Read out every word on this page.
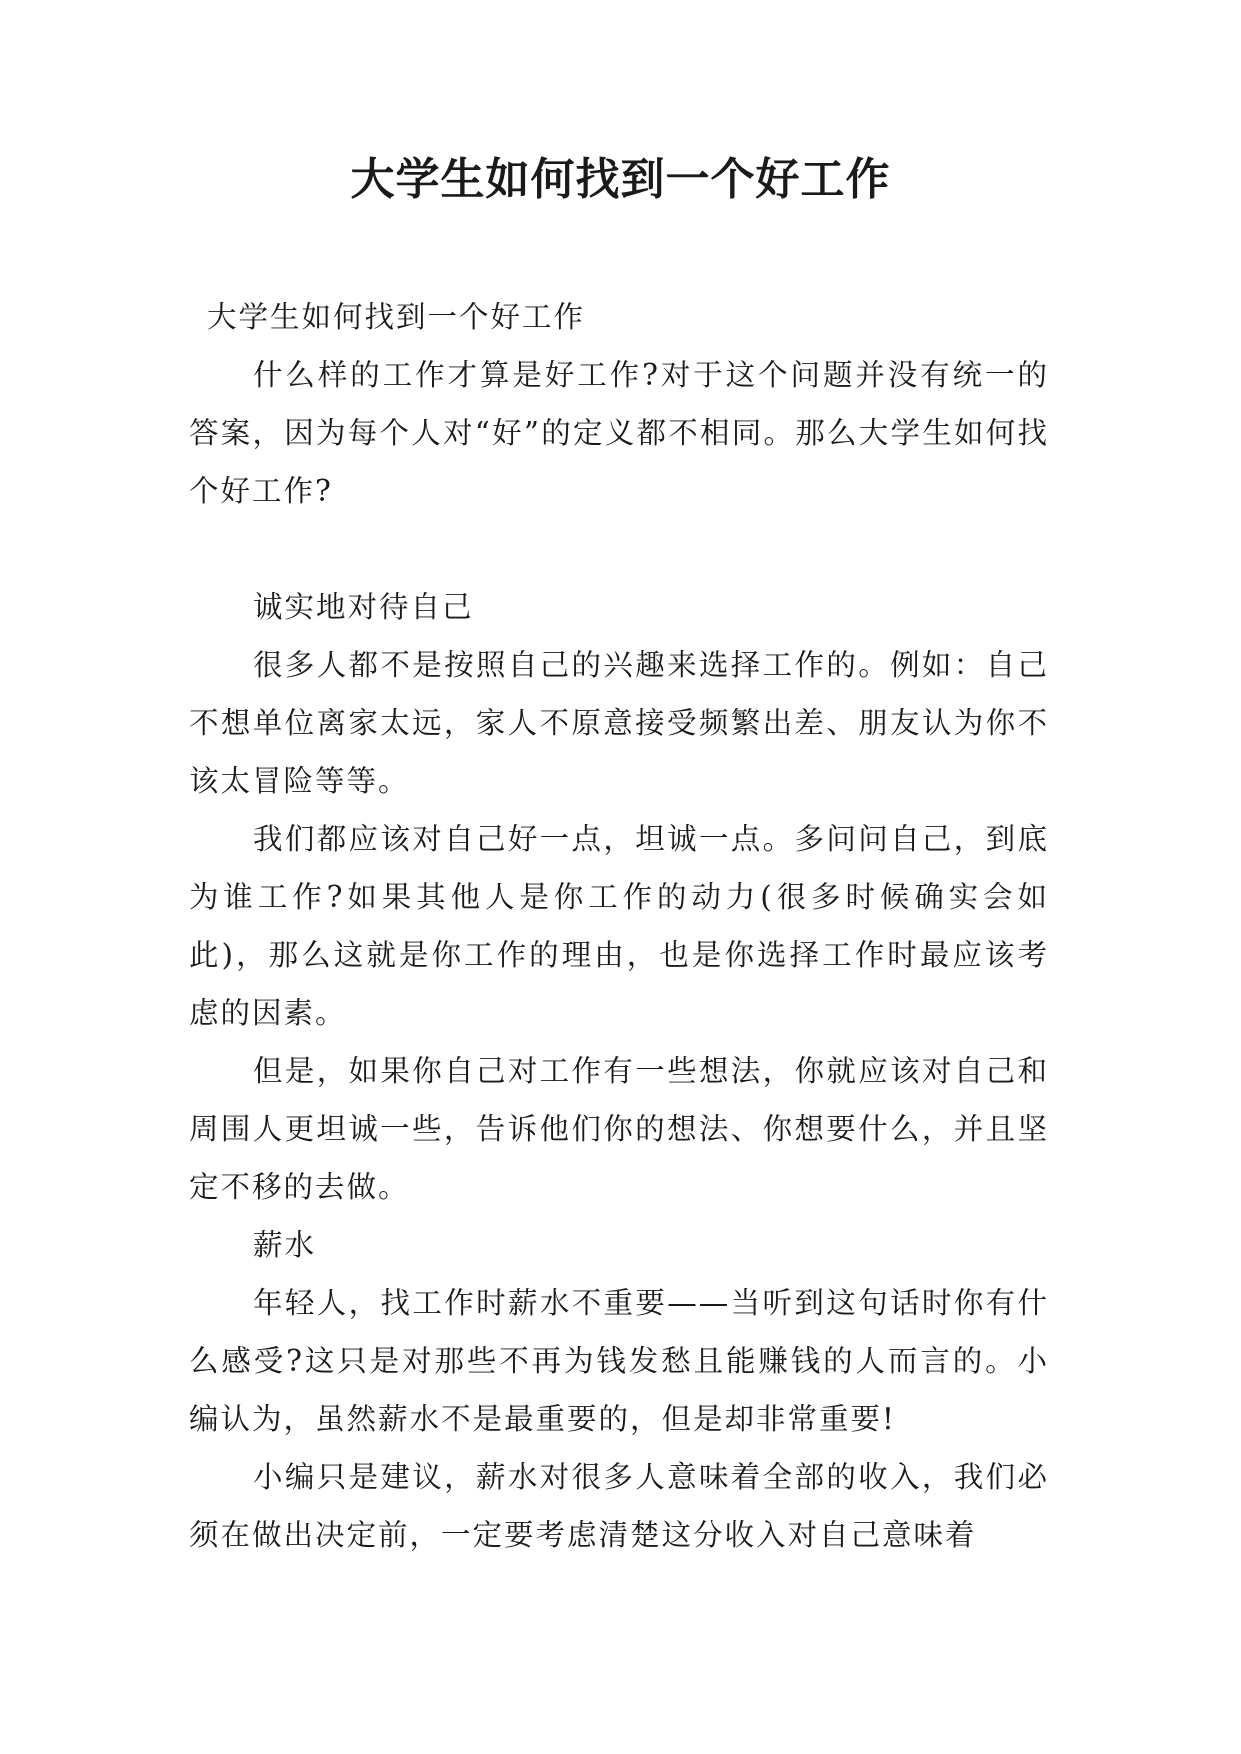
大学生如何找到一个好工作

大学生如何找到一个好工作

什么样的工作才算是好工作?对于这个问题并没有统一的答案，因为每个人对“好”的定义都不相同。那么大学生如何找个好工作?

诚实地对待自己

很多人都不是按照自己的兴趣来选择工作的。例如：自己不想单位离家太远，家人不原意接受频繁出差、朋友认为你不该太冒险等等。

我们都应该对自己好一点，坦诚一点。多问问自己，到底为谁工作?如果其他人是你工作的动力(很多时候确实会如此)，那么这就是你工作的理由，也是你选择工作时最应该考虑的因素。

但是，如果你自己对工作有一些想法，你就应该对自己和周围人更坦诚一些，告诉他们你的想法、你想要什么，并且坚定不移的去做。

薪水

年轻人，找工作时薪水不重要——当听到这句话时你有什么感受?这只是对那些不再为钱发愁且能赚钱的人而言的。小编认为，虽然薪水不是最重要的，但是却非常重要!

小编只是建议，薪水对很多人意味着全部的收入，我们必须在做出决定前，一定要考虑清楚这分收入对自己意味着
